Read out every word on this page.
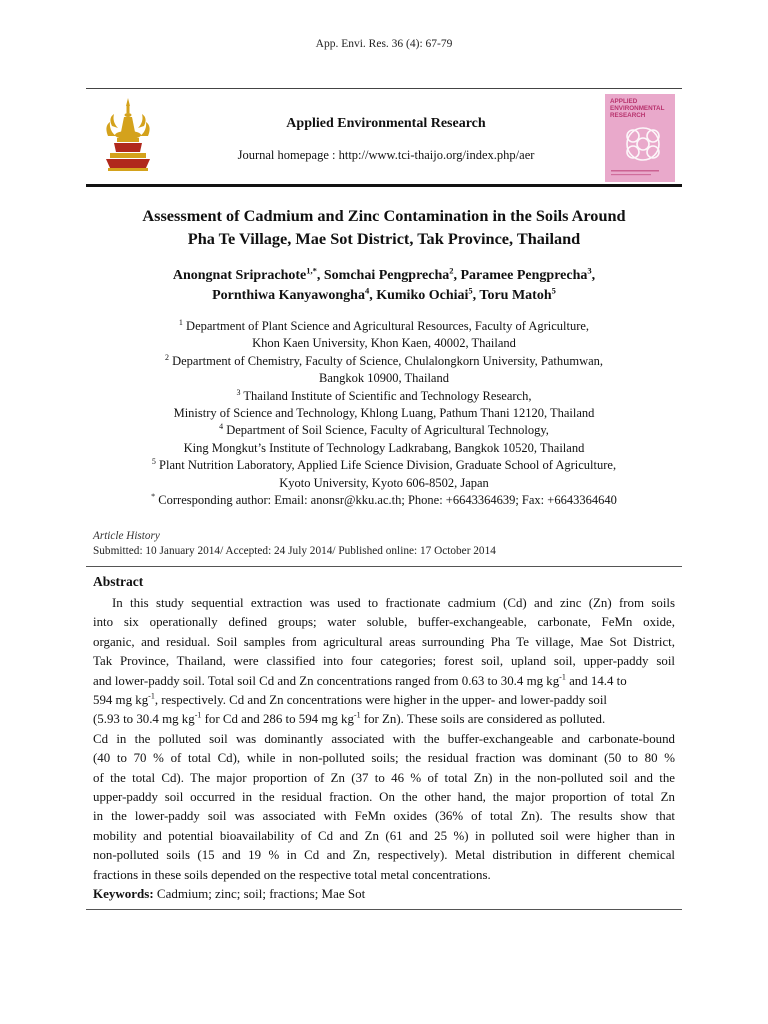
App. Envi. Res. 36 (4): 67-79
Applied Environmental Research
Journal homepage : http://www.tci-thaijo.org/index.php/aer
APPLIED
ENVIRONMENTAL
RESEARCH
Assessment of Cadmium and Zinc Contamination in the Soils Around
Pha Te Village, Mae Sot District, Tak Province, Thailand
Anongnat Sriprachote$^{1,*}$, Somchai Pengprecha$^2$, Paramee Pengprecha$^3$,
Pornthiwa Kanyawongha$^4$, Kumiko Ochiai$^5$, Toru Matoh$^5$
$^1$ Department of Plant Science and Agricultural Resources, Faculty of Agriculture,
Khon Kaen University, Khon Kaen, 40002, Thailand
$^2$ Department of Chemistry, Faculty of Science, Chulalongkorn University, Pathumwan,
Bangkok 10900, Thailand
$^3$ Thailand Institute of Scientific and Technology Research,
Ministry of Science and Technology, Khlong Luang, Pathum Thani 12120, Thailand
$^4$ Department of Soil Science, Faculty of Agricultural Technology,
King Mongkut’s Institute of Technology Ladkrabang, Bangkok 10520, Thailand
$^5$ Plant Nutrition Laboratory, Applied Life Science Division, Graduate School of Agriculture,
Kyoto University, Kyoto 606-8502, Japan
* Corresponding author: Email: anonsr@kku.ac.th; Phone: +6643364639; Fax: +6643364640
Article History
Submitted: 10 January 2014/ Accepted: 24 July 2014/ Published online: 17 October 2014
Abstract
In this study sequential extraction was used to fractionate cadmium (Cd) and zinc (Zn) from soils
into six operationally defined groups; water soluble, buffer-exchangeable, carbonate, FeMn oxide,
organic, and residual. Soil samples from agricultural areas surrounding Pha Te village, Mae Sot District,
Tak Province, Thailand, were classified into four categories; forest soil, upland soil, upper-paddy soil
and lower-paddy soil. Total soil Cd and Zn concentrations ranged from 0.63 to 30.4 mg $kg^{-1}$ and 14.4 to
594 mg $kg^{-1}$, respectively. Cd and Zn concentrations were higher in the upper- and lower-paddy soil
(5.93 to 30.4 mg $kg^{-1}$ for Cd and 286 to 594 mg $kg^{-1}$ for Zn). These soils are considered as polluted.
Cd in the polluted soil was dominantly associated with the buffer-exchangeable and carbonate-bound
(40 to 70 % of total Cd), while in non-polluted soils; the residual fraction was dominant (50 to 80 %
of the total Cd). The major proportion of Zn (37 to 46 % of total Zn) in the non-polluted soil and the
upper-paddy soil occurred in the residual fraction. On the other hand, the major proportion of total Zn
in the lower-paddy soil was associated with FeMn oxides (36% of total Zn). The results show that
mobility and potential bioavailability of Cd and Zn (61 and 25 %) in polluted soil were higher than in
non-polluted soils (15 and 19 % in Cd and Zn, respectively). Metal distribution in different chemical
fractions in these soils depended on the respective total metal concentrations.
Keywords: Cadmium; zinc; soil; fractions; Mae Sot
